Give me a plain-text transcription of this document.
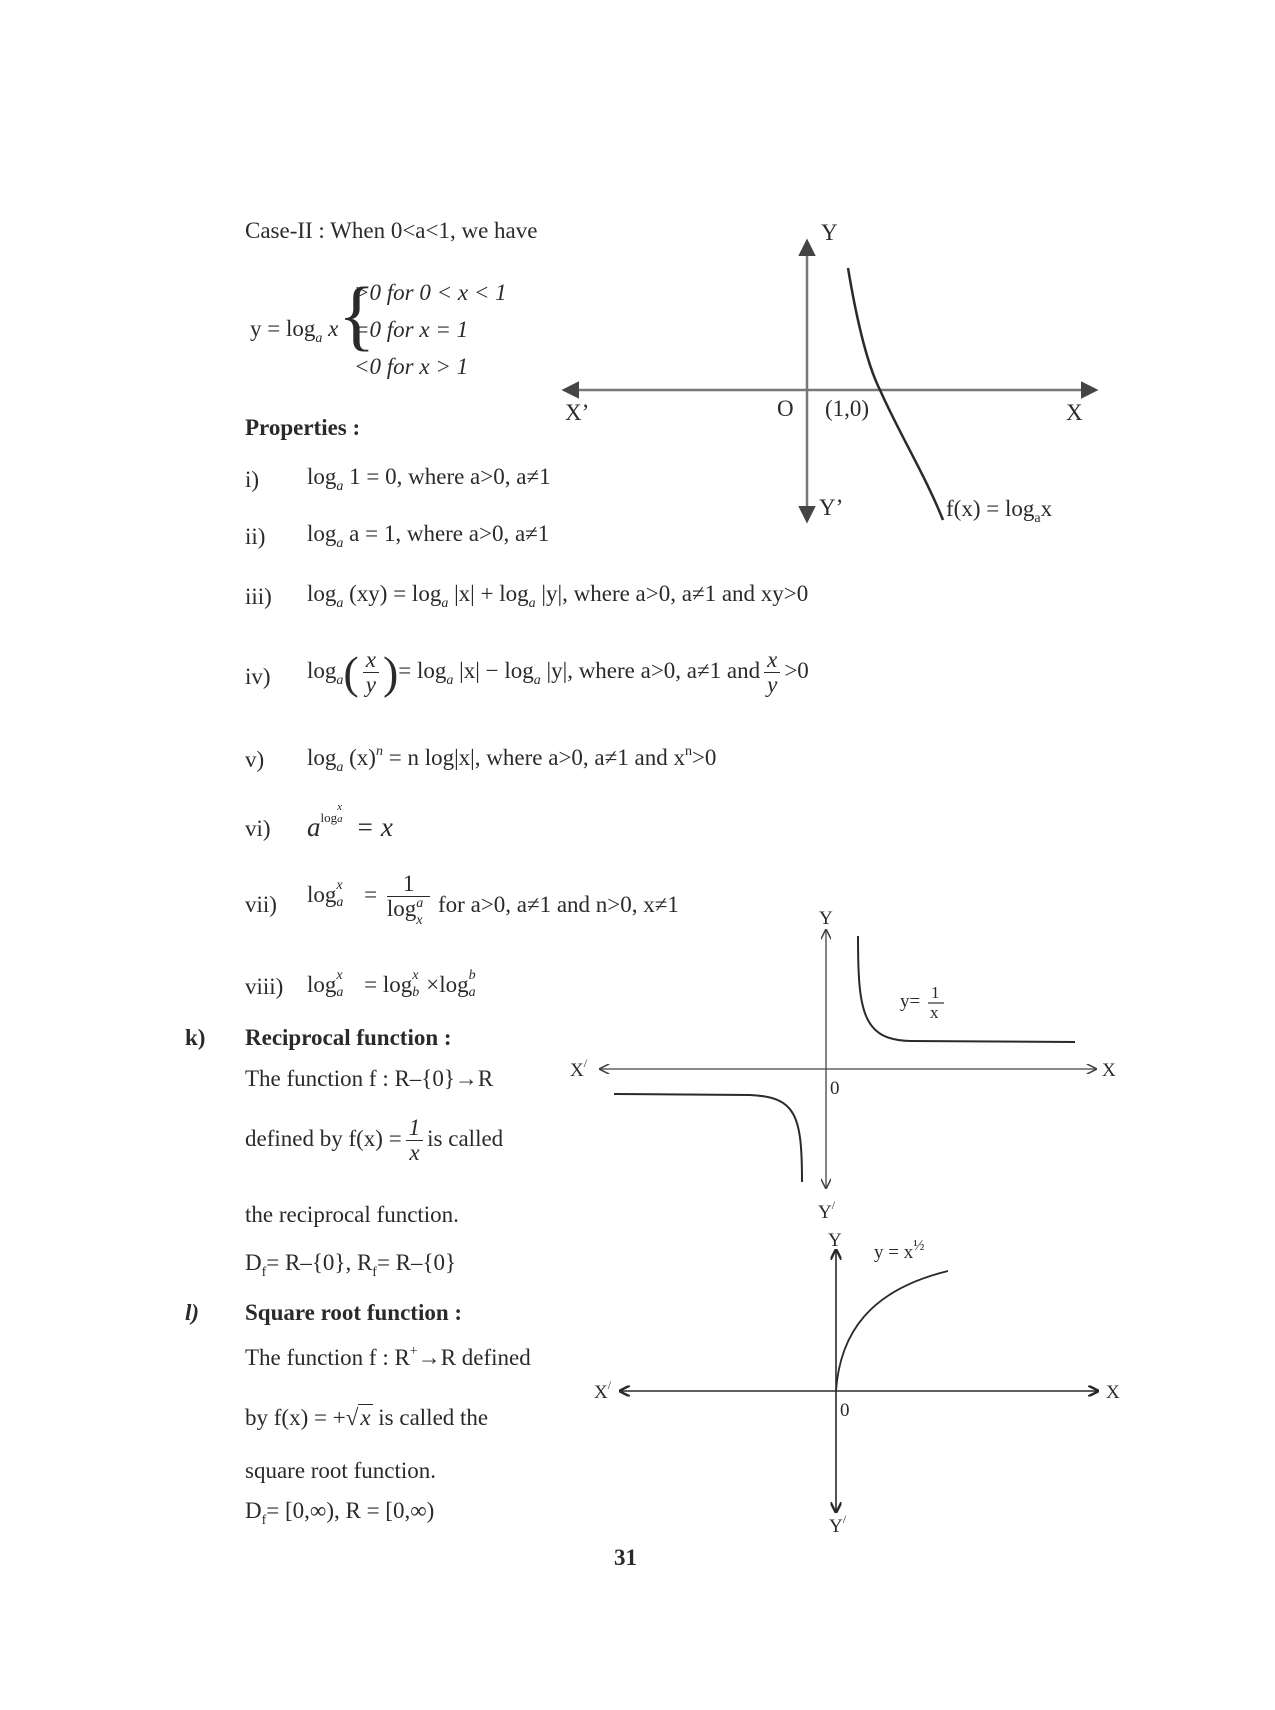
Case-II : When 0<a<1, we have
$y = \log_a x$ {
>0 for 0 < x < 1
=0 for x = 1
<0 for x > 1
Properties :
i) $\log_a 1 = 0$, where a>0, a≠1
ii) $\log_a a = 1$, where a>0, a≠1
iii) $\log_a (xy) = \log_a |x| + \log_a |y|$, where a>0, a≠1 and xy>0
iv) $\log_a( \frac{x}{y}$ )= $\log_a |x| - \log_a |y|$, where a>0, a≠1 and $\frac{x}{y} >0$
v) $\log_a (x)^n = n$ log|x|, where a>0, a≠1 and $x^n>0$
vi) $a^{log x a} = x$
vii) log x
a = 1
log a
x for a>0, a≠1 and n>0, x≠1
viii) log x
a = log x
b ×log b
a
k) Reciprocal function :
The function f : R–{0}→R
defined by $f(x) = \frac{1}{x}$ is called
the reciprocal function.
$D_f= R-\{0\}$, $R_f= R-\{0\}$
l) Square root function :
The function f : R+→R defined
by f(x) = +√x is called the
square root function.
$D_f= [0,\infty)$, R = [0,∞)
Y
Y’
X
X’	O (1,0)
$f(x) = \log_ax$
Y
Y/
X
X/
0
y= 1
x
Y
Y/
X
X/
0
$y = x^{\frac{1}{2}}$
31
